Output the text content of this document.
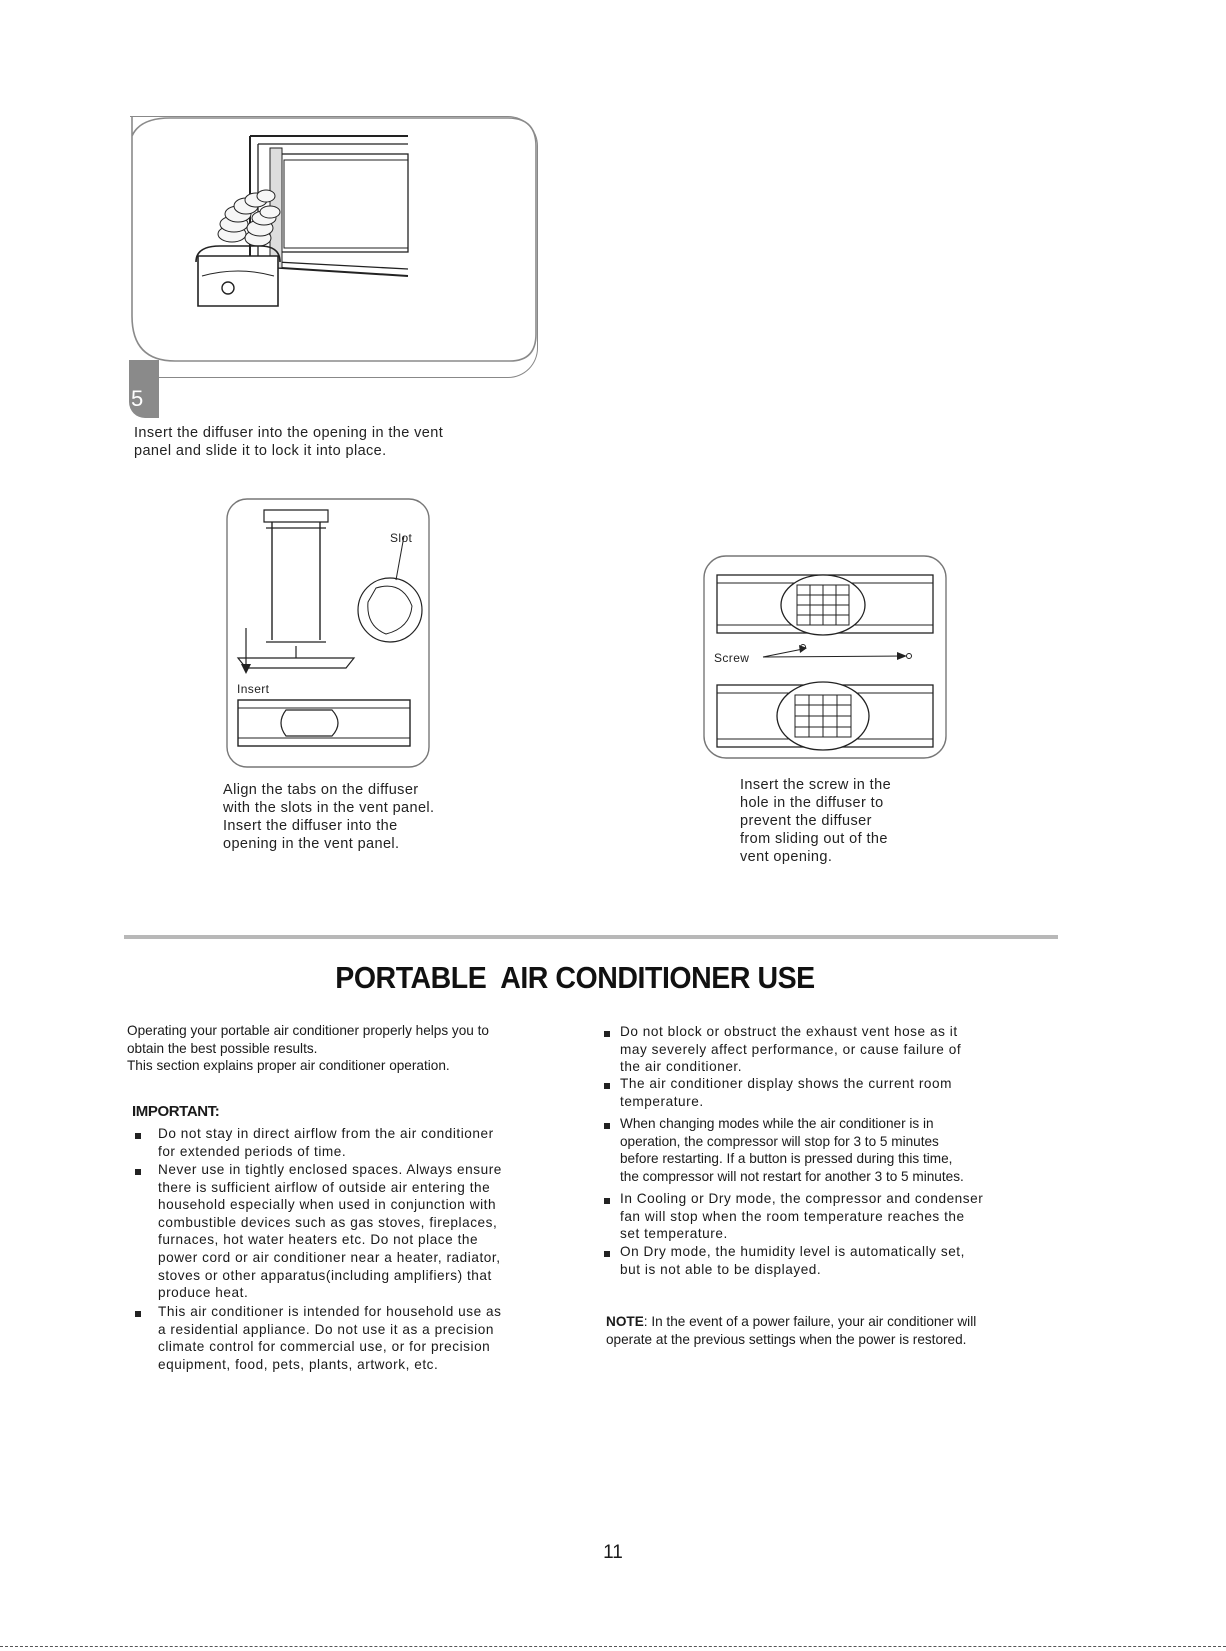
5
Insert the diffuser into the opening in the vent
panel and slide it to lock it into place.
Slot
Insert
Align the tabs on the diffuser
with the slots in the vent panel.
Insert the diffuser into the
opening in the vent panel.
Screw
Insert the screw in the
hole in the diffuser to
prevent the diffuser
from sliding out of the
vent opening.
PORTABLE  AIR CONDITIONER USE
Operating your portable air conditioner properly helps you to
obtain the best possible results.
This section explains proper air conditioner operation.
IMPORTANT:
Do not stay in direct airflow from the air conditioner
for extended periods of time.
Never use in tightly enclosed spaces. Always ensure
there is sufficient airflow of outside air entering the
household especially when used in conjunction with
combustible devices such as gas stoves, fireplaces,
furnaces, hot water heaters etc. Do not place the
power cord or air conditioner near a heater, radiator,
stoves or other apparatus(including amplifiers) that
produce heat.
This air conditioner is intended for household use as
a residential appliance. Do not use it as a precision
climate control for commercial use, or for precision
equipment, food, pets, plants, artwork, etc.
Do not block or obstruct the exhaust vent hose as it
may severely affect performance, or cause failure of
the air conditioner.
The air conditioner display shows the current room
temperature.
When changing modes while the air conditioner is in
operation, the compressor will stop for 3 to 5 minutes
before restarting. If a button is pressed during this time,
the compressor will not restart for another 3 to 5 minutes.
In Cooling or Dry mode, the compressor and condenser
fan will stop when the room temperature reaches the
set temperature.
On Dry mode, the humidity level is automatically set,
but is not able to be displayed.
NOTE: In the event of a power failure, your air conditioner will
operate at the previous settings when the power is restored.
11
